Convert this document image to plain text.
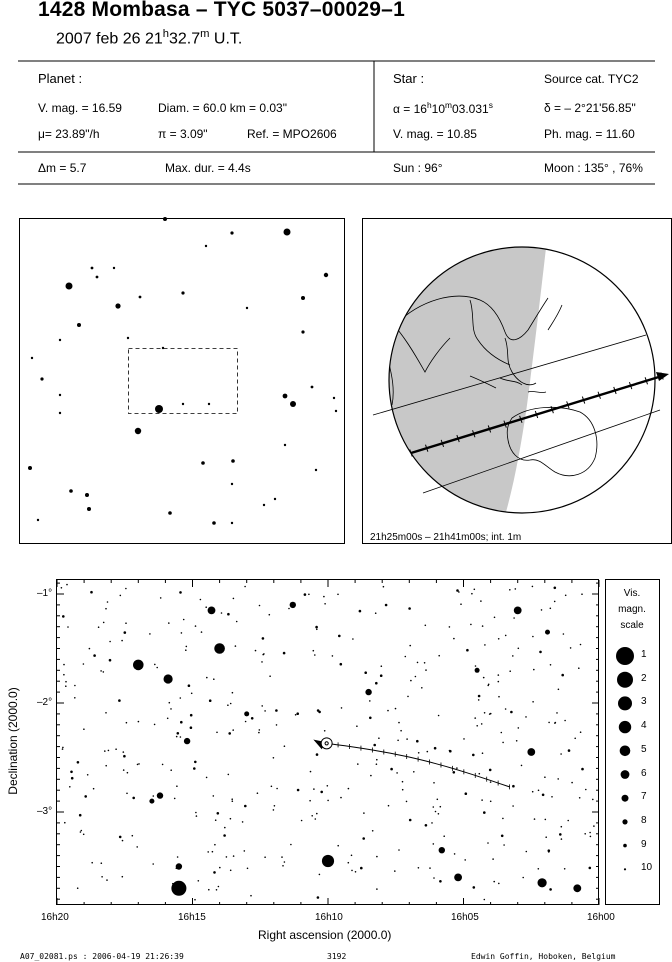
1428 Mombasa – TYC 5037–00029–1
2007 feb 26 21$^h$32.7$^m$ U.T.
Planet :
V. mag. = 16.59	Diam. = 60.0 km = 0.03"
μ= 23.89"/h	π = 3.09"	Ref. = MPO2606
Star :	Source cat. TYC2
$\alpha = 16^h10^m03.031^s$	δ = – 2°21'56.85"
V. mag. = 10.85	Ph. mag. = 11.60
Δm = 5.7	Max. dur. = 4.4s	Sun : 96°	Moon : 135° , 76%
21h25m00s – 21h41m00s; int. 1m
Vis.
magn.
scale
1
2
3
4
5
6
7
8
9
10
–1°
–2°
–3°
16h20	16h15	16h10	16h05	16h00
Right ascension (2000.0)
Declination (2000.0)
A07_02081.ps : 2006-04-19 21:26:39	3192	Edwin Goffin, Hoboken, Belgium
